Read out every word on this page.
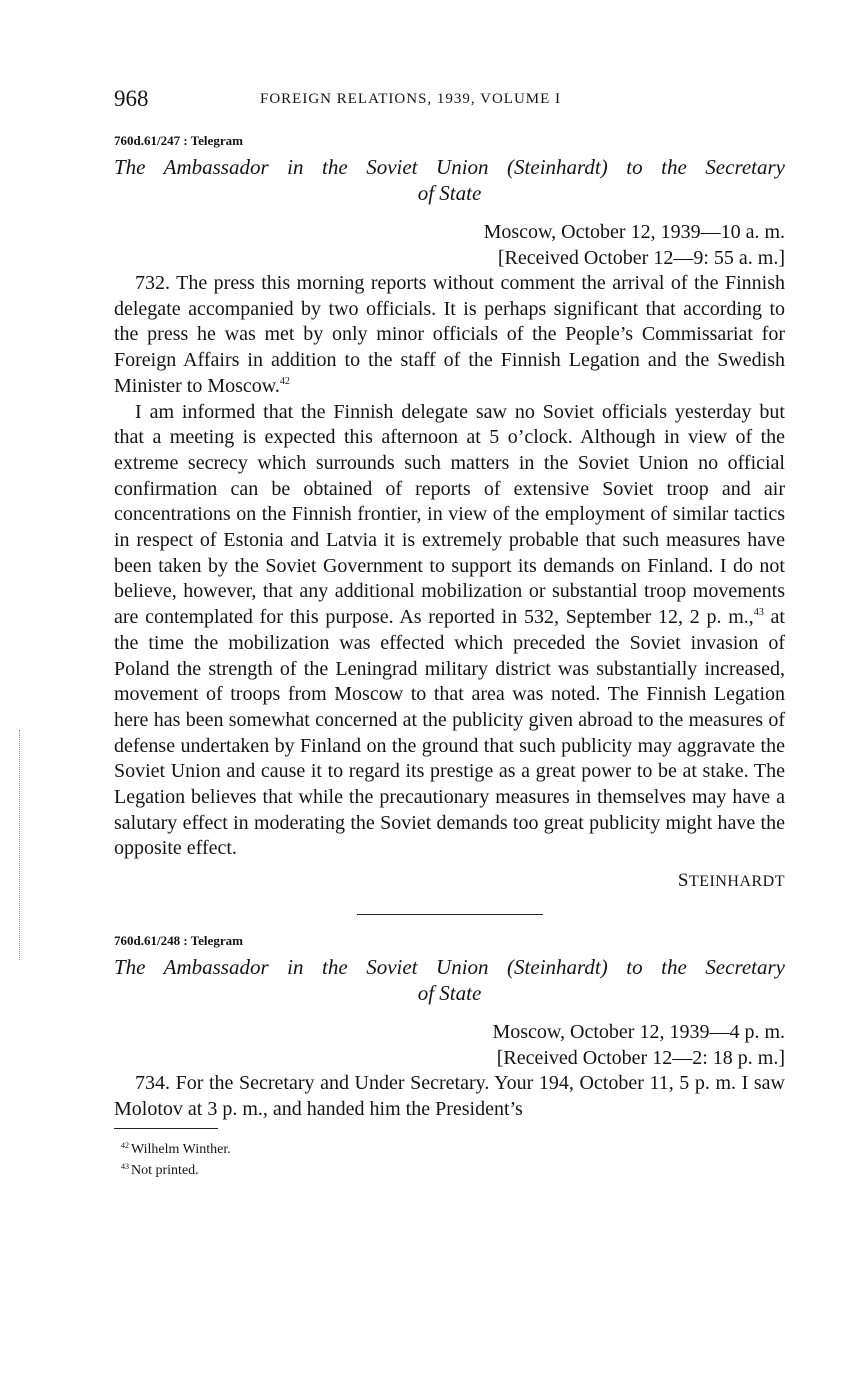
968	FOREIGN RELATIONS, 1939, VOLUME I
760d.61/247 : Telegram
The Ambassador in the Soviet Union (Steinhardt) to the Secretary
of State
Moscow, October 12, 1939—10 a. m.
[Received October 12—9: 55 a. m.]

732. The press this morning reports without comment the arrival of the Finnish delegate accompanied by two officials. It is perhaps significant that according to the press he was met by only minor officials of the People’s Commissariat for Foreign Affairs in addition to the staff of the Finnish Legation and the Swedish Minister to Moscow.$^{42}$

I am informed that the Finnish delegate saw no Soviet officials yesterday but that a meeting is expected this afternoon at 5 o’clock. Although in view of the extreme secrecy which surrounds such matters in the Soviet Union no official confirmation can be obtained of reports of extensive Soviet troop and air concentrations on the Finnish frontier, in view of the employment of similar tactics in respect of Estonia and Latvia it is extremely probable that such measures have been taken by the Soviet Government to support its demands on Finland. I do not believe, however, that any additional mobilization or substantial troop movements are contemplated for this purpose. As reported in 532, September 12, 2 p. m.,$^{43}$ at the time the mobilization was effected which preceded the Soviet invasion of Poland the strength of the Leningrad military district was substantially increased, movement of troops from Moscow to that area was noted. The Finnish Legation here has been somewhat concerned at the publicity given abroad to the measures of defense undertaken by Finland on the ground that such publicity may aggravate the Soviet Union and cause it to regard its prestige as a great power to be at stake. The Legation believes that while the precautionary measures in themselves may have a salutary effect in moderating the Soviet demands too great publicity might have the opposite effect.

STEINHARDT
760d.61/248 : Telegram
The Ambassador in the Soviet Union (Steinhardt) to the Secretary
of State
Moscow, October 12, 1939—4 p. m.
[Received October 12—2: 18 p. m.]

734. For the Secretary and Under Secretary. Your 194, October 11, 5 p. m. I saw Molotov at 3 p. m., and handed him the President’s

$^{42}$ Wilhelm Winther.
$^{43}$ Not printed.
